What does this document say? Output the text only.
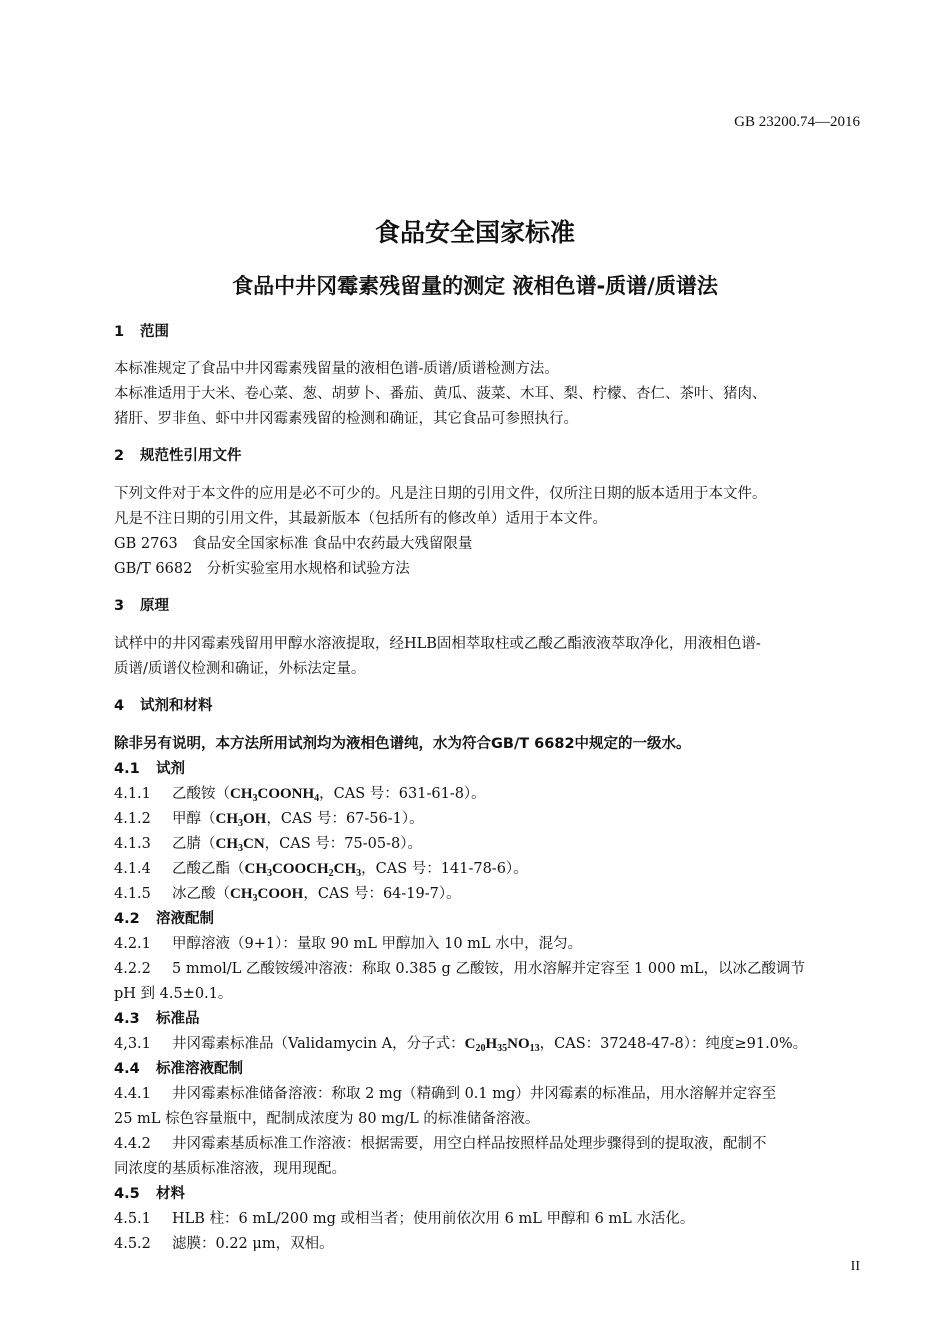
GB 23200.74—2016
食品安全国家标准
食品中井冈霉素残留量的测定 液相色谱-质谱/质谱法
1 范围
本标准规定了食品中井冈霉素残留量的液相色谱-质谱/质谱检测方法。
本标准适用于大米、卷心菜、葱、胡萝卜、番茄、黄瓜、菠菜、木耳、梨、柠檬、杏仁、茶叶、猪肉、
猪肝、罗非鱼、虾中井冈霉素残留的检测和确证，其它食品可参照执行。
2 规范性引用文件
下列文件对于本文件的应用是必不可少的。凡是注日期的引用文件，仅所注日期的版本适用于本文件。
凡是不注日期的引用文件，其最新版本（包括所有的修改单）适用于本文件。
GB 2763　食品安全国家标准 食品中农药最大残留限量
GB/T 6682　分析实验室用水规格和试验方法
3 原理
试样中的井冈霉素残留用甲醇水溶液提取，经HLB固相萃取柱或乙酸乙酯液液萃取净化，用液相色谱-
质谱/质谱仪检测和确证，外标法定量。
4 试剂和材料
除非另有说明，本方法所用试剂均为液相色谱纯，水为符合GB/T 6682中规定的一级水。
4.1 试剂
4.1.1 乙酸铵（$CH_3COONH_4$，CAS 号：631-61-8）。
4.1.2 甲醇（$CH_3OH$，CAS 号：67-56-1）。
4.1.3 乙腈（$CH_3CN$，CAS 号：75-05-8）。
4.1.4 乙酸乙酯（$CH_3COOCH_2CH_3$，CAS 号：141-78-6）。
4.1.5 冰乙酸（$CH_3COOH$，CAS 号：64-19-7）。
4.2 溶液配制
4.2.1 甲醇溶液（9+1）：量取 90 mL 甲醇加入 10 mL 水中，混匀。
4.2.2 5 mmol/L 乙酸铵缓冲溶液：称取 0.385 g 乙酸铵，用水溶解并定容至 1 000 mL，以冰乙酸调节
pH 到 4.5±0.1。
4.3 标准品
4,3.1 井冈霉素标准品（Validamycin A，分子式：$C_{20}H_{35}NO_{13}$，CAS：37248-47-8）：纯度≥91.0%。
4.4 标准溶液配制
4.4.1 井冈霉素标准储备溶液：称取 2 mg（精确到 0.1 mg）井冈霉素的标准品，用水溶解并定容至
25 mL 棕色容量瓶中，配制成浓度为 80 mg/L 的标准储备溶液。
4.4.2 井冈霉素基质标准工作溶液：根据需要，用空白样品按照样品处理步骤得到的提取液，配制不
同浓度的基质标准溶液，现用现配。
4.5 材料
4.5.1 HLB 柱：6 mL/200 mg 或相当者；使用前依次用 6 mL 甲醇和 6 mL 水活化。
4.5.2 滤膜：0.22 μm，双相。
II
